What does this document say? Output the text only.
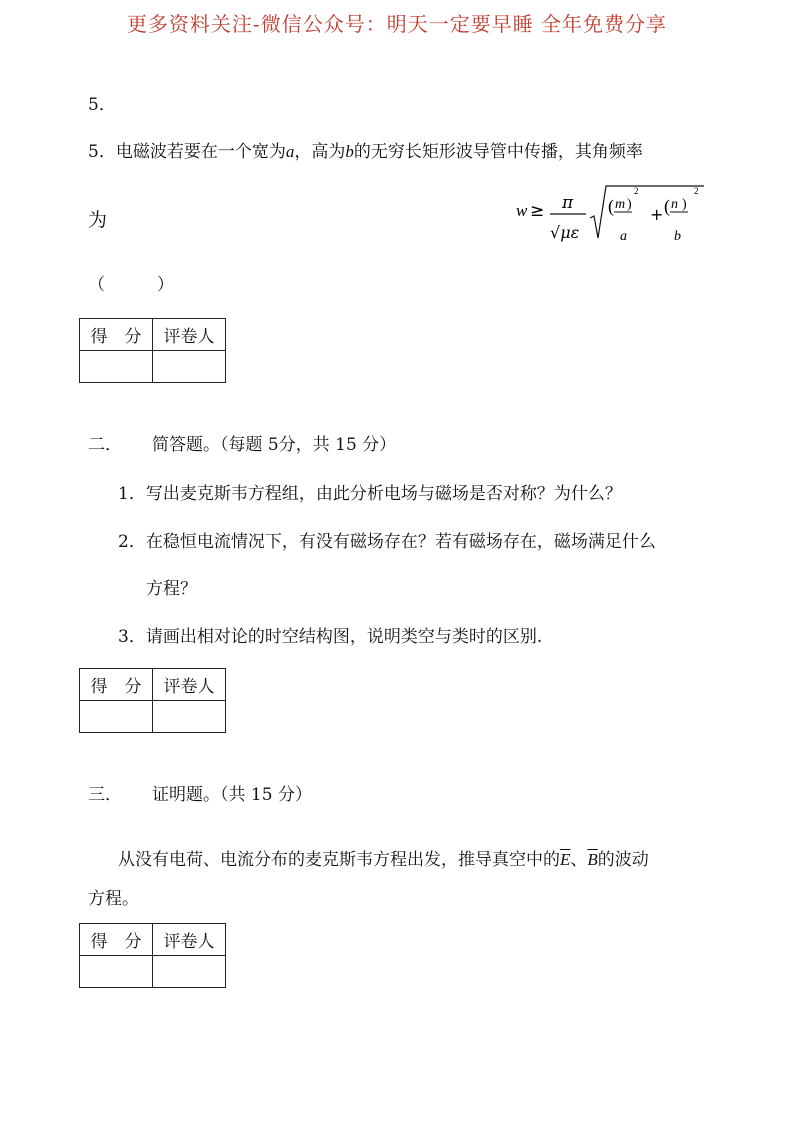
更多资料关注-微信公众号：明天一定要早睡 全年免费分享
5．
5．电磁波若要在一个宽为a，高为b的无穷长矩形波导管中传播，其角频率
为	w ≥ π
√με
( m )
a
2
+ ( n )
b
2
（	）
得　分	评卷人

二． 简答题。（每题 5分，共 15 分）
1．写出麦克斯韦方程组，由此分析电场与磁场是否对称？为什么？
2．在稳恒电流情况下，有没有磁场存在？若有磁场存在，磁场满足什么
方程？
3．请画出相对论的时空结构图，说明类空与类时的区别.
得　分	评卷人

三． 证明题。（共 15 分）
从没有电荷、电流分布的麦克斯韦方程出发，推导真空中的$\overline{E}$、$\overline{B}$的波动
方程。
得　分	评卷人
